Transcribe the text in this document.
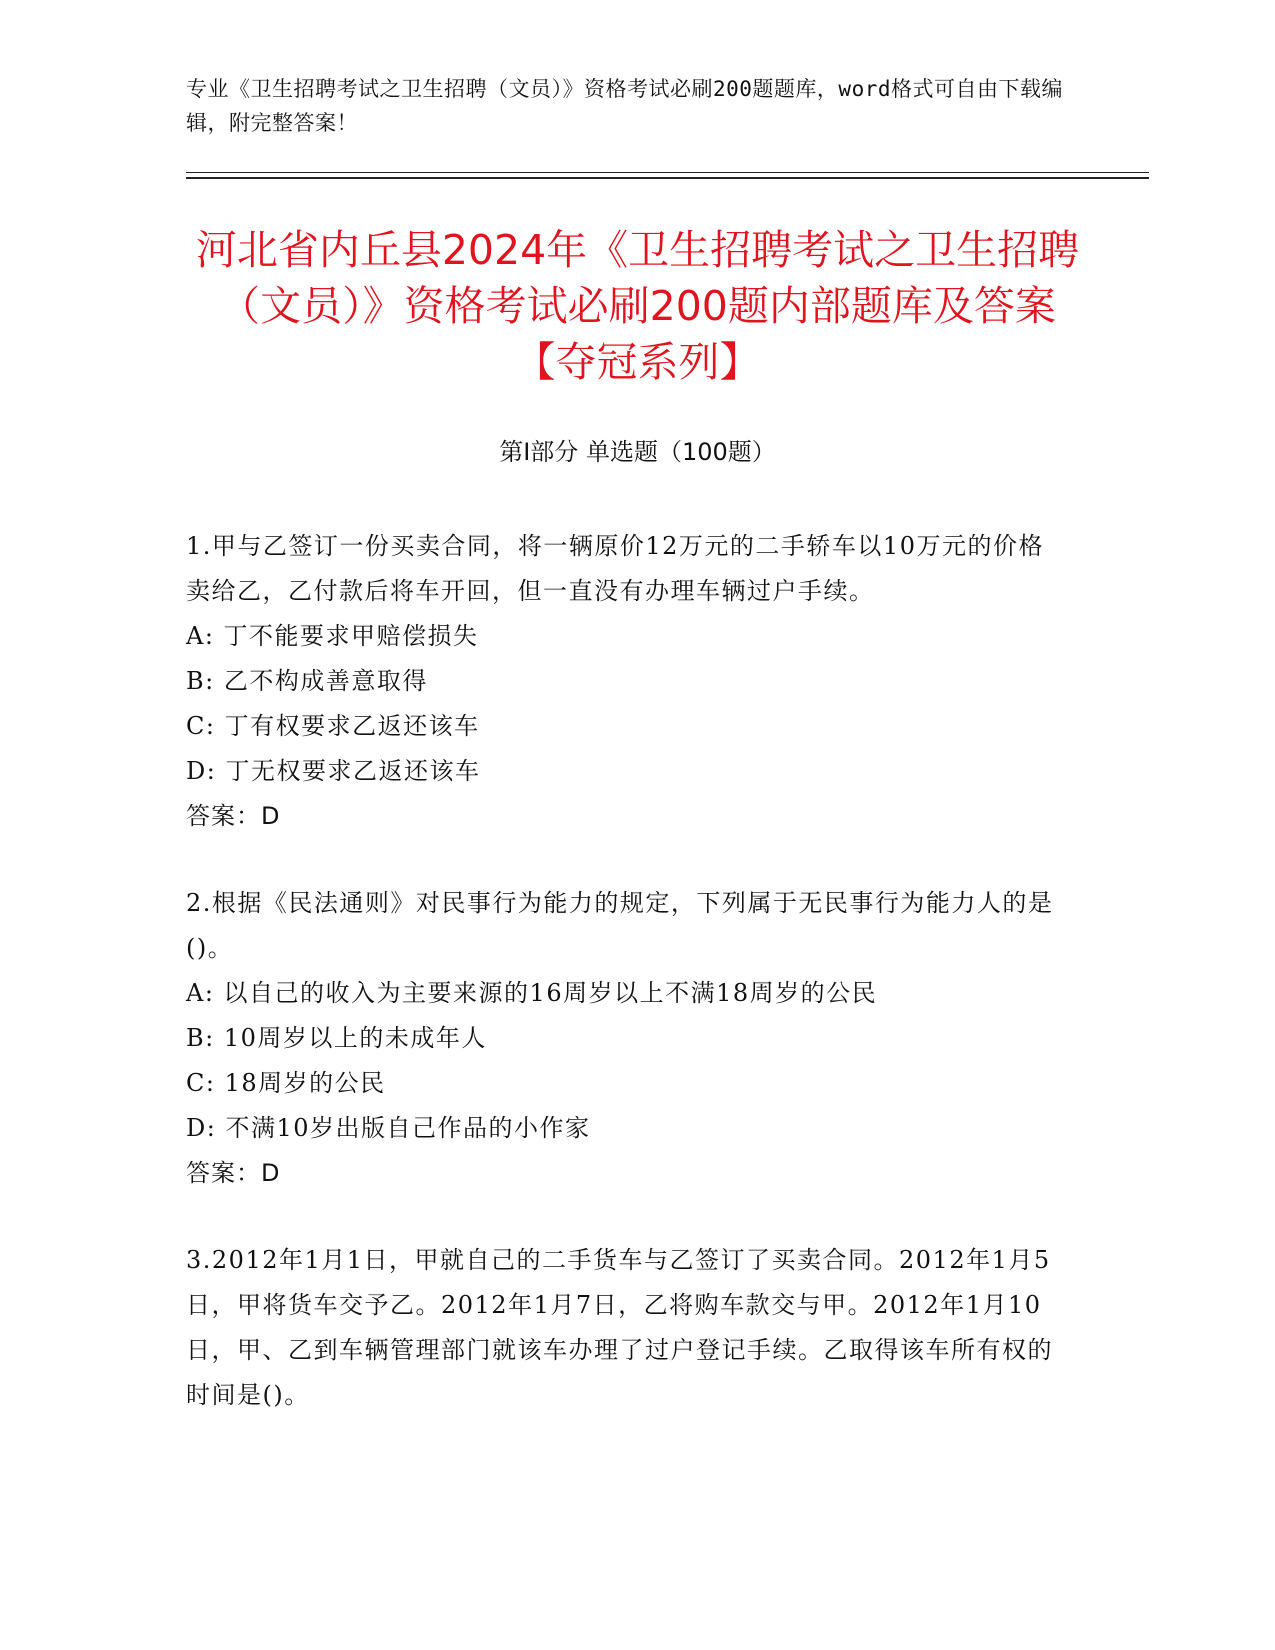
专业《卫生招聘考试之卫生招聘（文员）》资格考试必刷200题题库，word格式可自由下载编辑，附完整答案！
河北省内丘县2024年《卫生招聘考试之卫生招聘（文员）》资格考试必刷200题内部题库及答案【夺冠系列】
第I部分 单选题（100题）
1.甲与乙签订一份买卖合同，将一辆原价12万元的二手轿车以10万元的价格卖给乙，乙付款后将车开回，但一直没有办理车辆过户手续。
A: 丁不能要求甲赔偿损失
B: 乙不构成善意取得
C: 丁有权要求乙返还该车
D: 丁无权要求乙返还该车
答案：D
2.根据《民法通则》对民事行为能力的规定，下列属于无民事行为能力人的是()。
A: 以自己的收入为主要来源的16周岁以上不满18周岁的公民
B: 10周岁以上的未成年人
C: 18周岁的公民
D: 不满10岁出版自己作品的小作家
答案：D
3.2012年1月1日，甲就自己的二手货车与乙签订了买卖合同。2012年1月5日，甲将货车交予乙。2012年1月7日，乙将购车款交与甲。2012年1月10日，甲、乙到车辆管理部门就该车办理了过户登记手续。乙取得该车所有权的时间是()。
